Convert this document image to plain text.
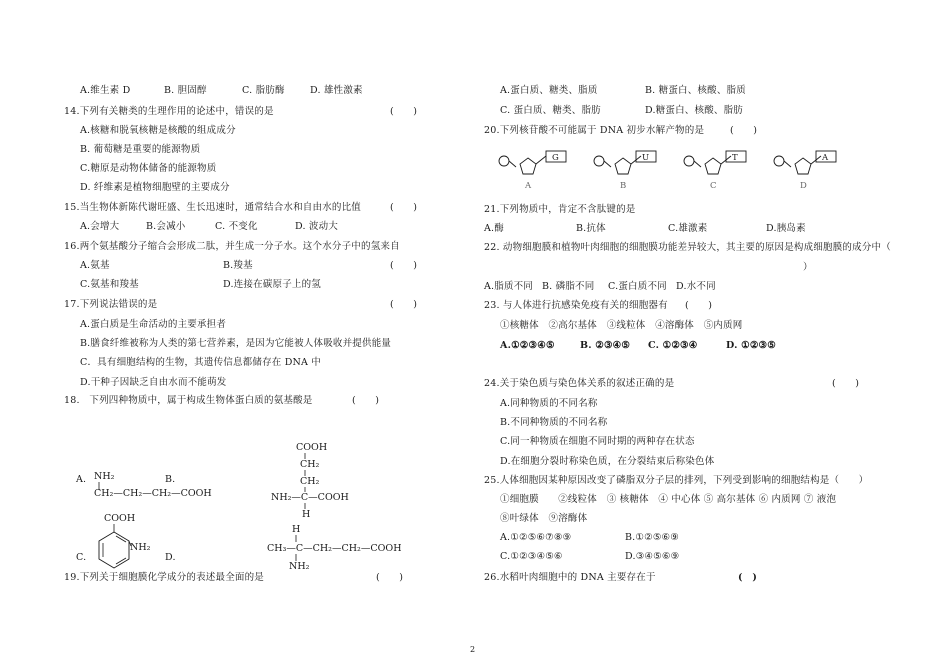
A.维生素 D	B. 胆固醇	C. 脂肪酶	D. 雄性激素
14.下列有关糖类的生理作用的论述中，错误的是	(　　)
A.核糖和脱氧核糖是核酸的组成成分
B. 葡萄糖是重要的能源物质
C.糖原是动物体储备的能源物质
D. 纤维素是植物细胞壁的主要成分
15.当生物体新陈代谢旺盛、生长迅速时，通常结合水和自由水的比值	(　　)
A.会增大	B.会减小	C. 不变化	D. 波动大
16.两个氨基酸分子缩合会形成二肽，并生成一分子水。这个水分子中的氢来自
(　　)
A.氨基	B.羧基
C.氨基和羧基	D.连接在碳原子上的氢
17.下列说法错误的是	(　　)
A.蛋白质是生命活动的主要承担者
B.膳食纤维被称为人类的第七营养素，是因为它能被人体吸收并提供能量
C．具有细胞结构的生物，其遗传信息都储存在 DNA 中
D.干种子因缺乏自由水而不能萌发
18.　下列四种物质中，属于构成生物体蛋白质的氨基酸是	(　　)
A.	B.
C.	D.
NH₂
CH₂—CH₂—CH₂—COOH
COOH
CH₂
CH₂
NH₂—C—COOH
H
COOH
NH₂
H
CH₃—C—CH₂—CH₂—COOH
NH₂
19.下列关于细胞膜化学成分的表述最全面的是	(　　)
A.蛋白质、糖类、脂质	B. 糖蛋白、核酸、脂质
C. 蛋白质、糖类、脂肪	D.糖蛋白、核酸、脂肪
20.下列核苷酸不可能属于 DNA 初步水解产物的是	(　　)
G	U	T	A
A	B	C	D
21.下列物质中，肯定不含肽键的是
A.酶	B.抗体	C.雄激素	D.胰岛素
22. 动物细胞膜和植物叶肉细胞的细胞膜功能差异较大，其主要的原因是构成细胞膜的成分中（
）
A.脂质不同 B. 磷脂不同 C.蛋白质不同 D.水不同
23. 与人体进行抗感染免疫有关的细胞器有 (　　)
①核糖体　②高尔基体　③线粒体　④溶酶体　⑤内质网
A.①②③④⑤	B. ②③④⑤ C. ①②③④	D. ①②③⑤
24.关于染色质与染色体关系的叙述正确的是	(　　)
A.同种物质的不同名称
B.不同种物质的不同名称
C.同一种物质在细胞不同时期的两种存在状态
D.在细胞分裂时称染色质，在分裂结束后称染色体
25.人体细胞因某种原因改变了磷脂双分子层的排列，下列受到影响的细胞结构是（　　）
①细胞膜　　②线粒体　③ 核糖体　④ 中心体 ⑤ 高尔基体 ⑥ 内质网 ⑦ 液泡
⑧叶绿体　⑨溶酶体
A.①②⑤⑥⑦⑧⑨	B.①②⑤⑥⑨
C.①②③④⑤⑥	D.③④⑤⑥⑨
26.水稻叶肉细胞中的 DNA 主要存在于	(　)
2
